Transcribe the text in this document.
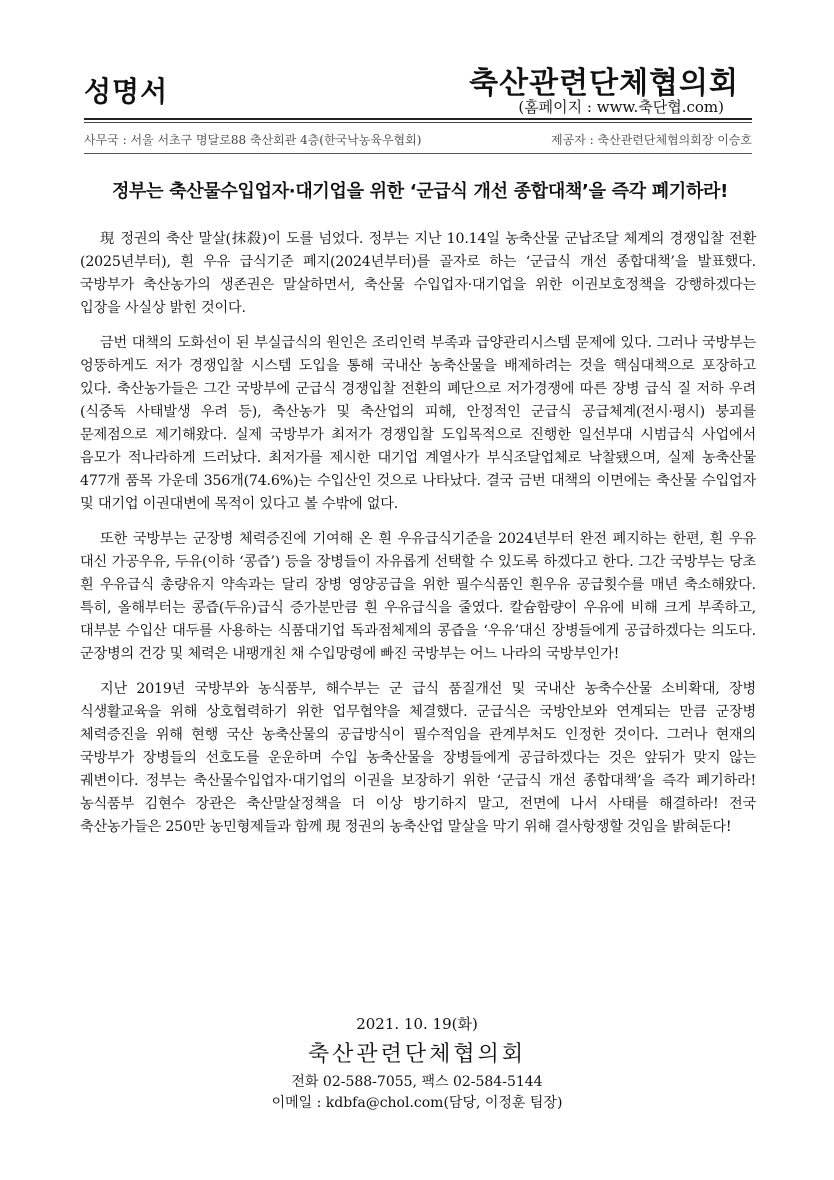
성명서	축산관련단체협의회
(홈페이지 : www.축단협.com)
사무국 : 서울 서초구 명달로88 축산회관 4층(한국낙농육우협회)	제공자 : 축산관련단체협의회장 이승호
정부는 축산물수입업자·대기업을 위한 ‘군급식 개선 종합대책’을 즉각 폐기하라!

現 정권의 축산 말살(抹殺)이 도를 넘었다. 정부는 지난 10.14일 농축산물 군납조달 체계의 경쟁입찰 전환(2025년부터), 흰 우유 급식기준 폐지(2024년부터)를 골자로 하는 ‘군급식 개선 종합대책’을 발표했다. 국방부가 축산농가의 생존권은 말살하면서, 축산물 수입업자·대기업을 위한 이권보호정책을 강행하겠다는 입장을 사실상 밝힌 것이다.

금번 대책의 도화선이 된 부실급식의 원인은 조리인력 부족과 급양관리시스템 문제에 있다. 그러나 국방부는 엉뚱하게도 저가 경쟁입찰 시스템 도입을 통해 국내산 농축산물을 배제하려는 것을 핵심대책으로 포장하고 있다. 축산농가들은 그간 국방부에 군급식 경쟁입찰 전환의 폐단으로 저가경쟁에 따른 장병 급식 질 저하 우려(식중독 사태발생 우려 등), 축산농가 및 축산업의 피해, 안정적인 군급식 공급체계(전시·평시) 붕괴를 문제점으로 제기해왔다. 실제 국방부가 최저가 경쟁입찰 도입목적으로 진행한 일선부대 시범급식 사업에서 음모가 적나라하게 드러났다. 최저가를 제시한 대기업 계열사가 부식조달업체로 낙찰됐으며, 실제 농축산물 477개 품목 가운데 356개(74.6%)는 수입산인 것으로 나타났다. 결국 금번 대책의 이면에는 축산물 수입업자 및 대기업 이권대변에 목적이 있다고 볼 수밖에 없다.

또한 국방부는 군장병 체력증진에 기여해 온 흰 우유급식기준을 2024년부터 완전 폐지하는 한편, 흰 우유 대신 가공우유, 두유(이하 ‘콩즙’) 등을 장병들이 자유롭게 선택할 수 있도록 하겠다고 한다. 그간 국방부는 당초 흰 우유급식 총량유지 약속과는 달리 장병 영양공급을 위한 필수식품인 흰우유 공급횟수를 매년 축소해왔다. 특히, 올해부터는 콩즙(두유)급식 증가분만큼 흰 우유급식을 줄였다. 칼슘함량이 우유에 비해 크게 부족하고, 대부분 수입산 대두를 사용하는 식품대기업 독과점체제의 콩즙을 ‘우유’대신 장병들에게 공급하겠다는 의도다. 군장병의 건강 및 체력은 내팽개친 채 수입망령에 빠진 국방부는 어느 나라의 국방부인가!

지난 2019년 국방부와 농식품부, 해수부는 군 급식 품질개선 및 국내산 농축수산물 소비확대, 장병 식생활교육을 위해 상호협력하기 위한 업무협약을 체결했다. 군급식은 국방안보와 연계되는 만큼 군장병 체력증진을 위해 현행 국산 농축산물의 공급방식이 필수적임을 관계부처도 인정한 것이다. 그러나 현재의 국방부가 장병들의 선호도를 운운하며 수입 농축산물을 장병들에게 공급하겠다는 것은 앞뒤가 맞지 않는 궤변이다. 정부는 축산물수입업자·대기업의 이권을 보장하기 위한 ‘군급식 개선 종합대책’을 즉각 폐기하라! 농식품부 김현수 장관은 축산말살정책을 더 이상 방기하지 말고, 전면에 나서 사태를 해결하라! 전국 축산농가들은 250만 농민형제들과 함께 現 정권의 농축산업 말살을 막기 위해 결사항쟁할 것임을 밝혀둔다!

2021. 10. 19(화)
축산관련단체협의회
전화 02-588-7055, 팩스 02-584-5144
이메일 : kdbfa@chol.com(담당, 이정훈 팀장)
